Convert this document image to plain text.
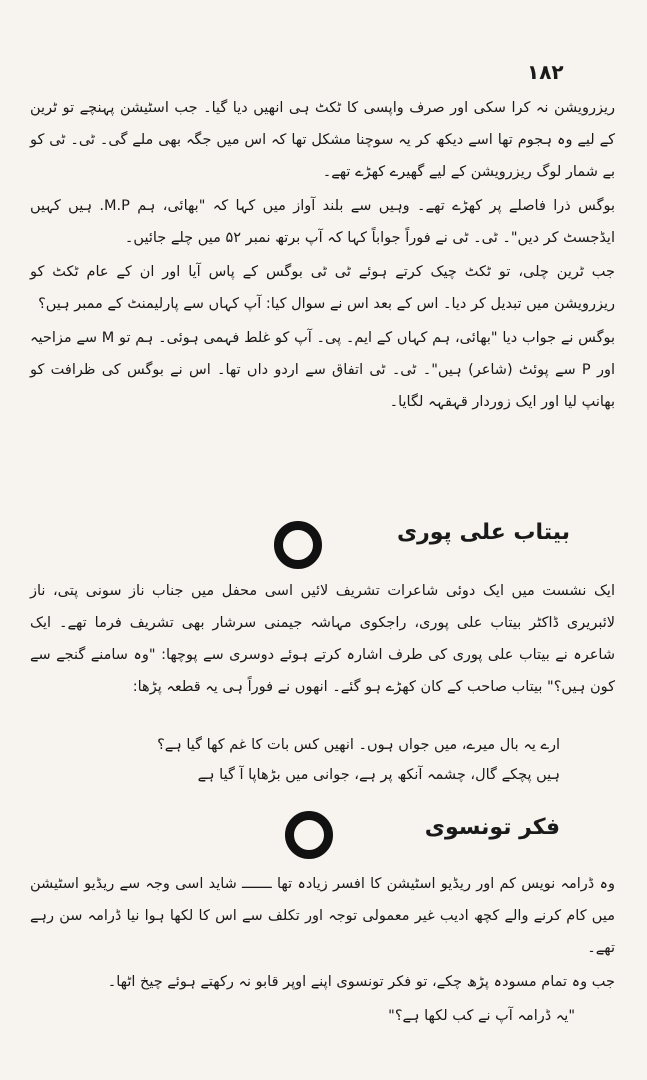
۱۸۲

ریزرویشن نہ کرا سکی اور صرف واپسی کا ٹکٹ ہی انھیں دیا گیا۔ جب اسٹیشن پہنچے تو ٹرین کے لیے وہ ہجوم تھا اسے دیکھ کر یہ سوچنا مشکل تھا کہ اس میں جگہ بھی ملے گی۔ ٹی۔ ٹی کو بے شمار لوگ ریزرویشن کے لیے گھیرے کھڑے تھے۔

بوگس ذرا فاصلے پر کھڑے تھے۔ وہیں سے بلند آواز میں کہا کہ "بھائی، ہم M.P. ہیں کہیں ایڈجسٹ کر دیں"۔ ٹی۔ ٹی نے فوراً جواباً کہا کہ آپ برتھ نمبر ۵۲ میں چلے جائیں۔

جب ٹرین چلی، تو ٹکٹ چیک کرتے ہوئے ٹی ٹی بوگس کے پاس آیا اور ان کے عام ٹکٹ کو ریزرویشن میں تبدیل کر دیا۔ اس کے بعد اس نے سوال کیا: آپ کہاں سے پارلیمنٹ کے ممبر ہیں؟

بوگس نے جواب دیا "بھائی، ہم کہاں کے ایم۔ پی۔ آپ کو غلط فہمی ہوئی۔ ہم تو M سے مزاحیہ اور P سے پوئٹ (شاعر) ہیں"۔ ٹی۔ ٹی اتفاق سے اردو داں تھا۔ اس نے بوگس کی ظرافت کو بھانپ لیا اور ایک زوردار قہقہہ لگایا۔

بیتاب علی پوری

ایک نشست میں ایک دوئی شاعرات تشریف لائیں اسی محفل میں جناب ناز سونی پتی، ناز لائبریری ڈاکٹر بیتاب علی پوری، راجکوی مہاشہ جیمنی سرشار بھی تشریف فرما تھے۔ ایک شاعرہ نے بیتاب علی پوری کی طرف اشارہ کرتے ہوئے دوسری سے پوچھا: "وہ سامنے گنجے سے کون ہیں؟" بیتاب صاحب کے کان کھڑے ہو گئے۔ انھوں نے فوراً ہی یہ قطعہ پڑھا:

ارے یہ بال میرے، میں جواں ہوں۔ انھیں کس بات کا غم کھا گیا ہے؟

ہیں پچکے گال، چشمہ آنکھ پر ہے، جوانی میں بڑھاپا آ گیا ہے

فکر تونسوی

وہ ڈرامہ نویس کم اور ریڈیو اسٹیشن کا افسر زیادہ تھا ـــــــ شاید اسی وجہ سے ریڈیو اسٹیشن میں کام کرنے والے کچھ ادیب غیر معمولی توجہ اور تکلف سے اس کا لکھا ہوا نیا ڈرامہ سن رہے تھے۔

جب وہ تمام مسودہ پڑھ چکے، تو فکر تونسوی اپنے اوپر قابو نہ رکھتے ہوئے چیخ اٹھا۔

"یہ ڈرامہ آپ نے کب لکھا ہے؟"
